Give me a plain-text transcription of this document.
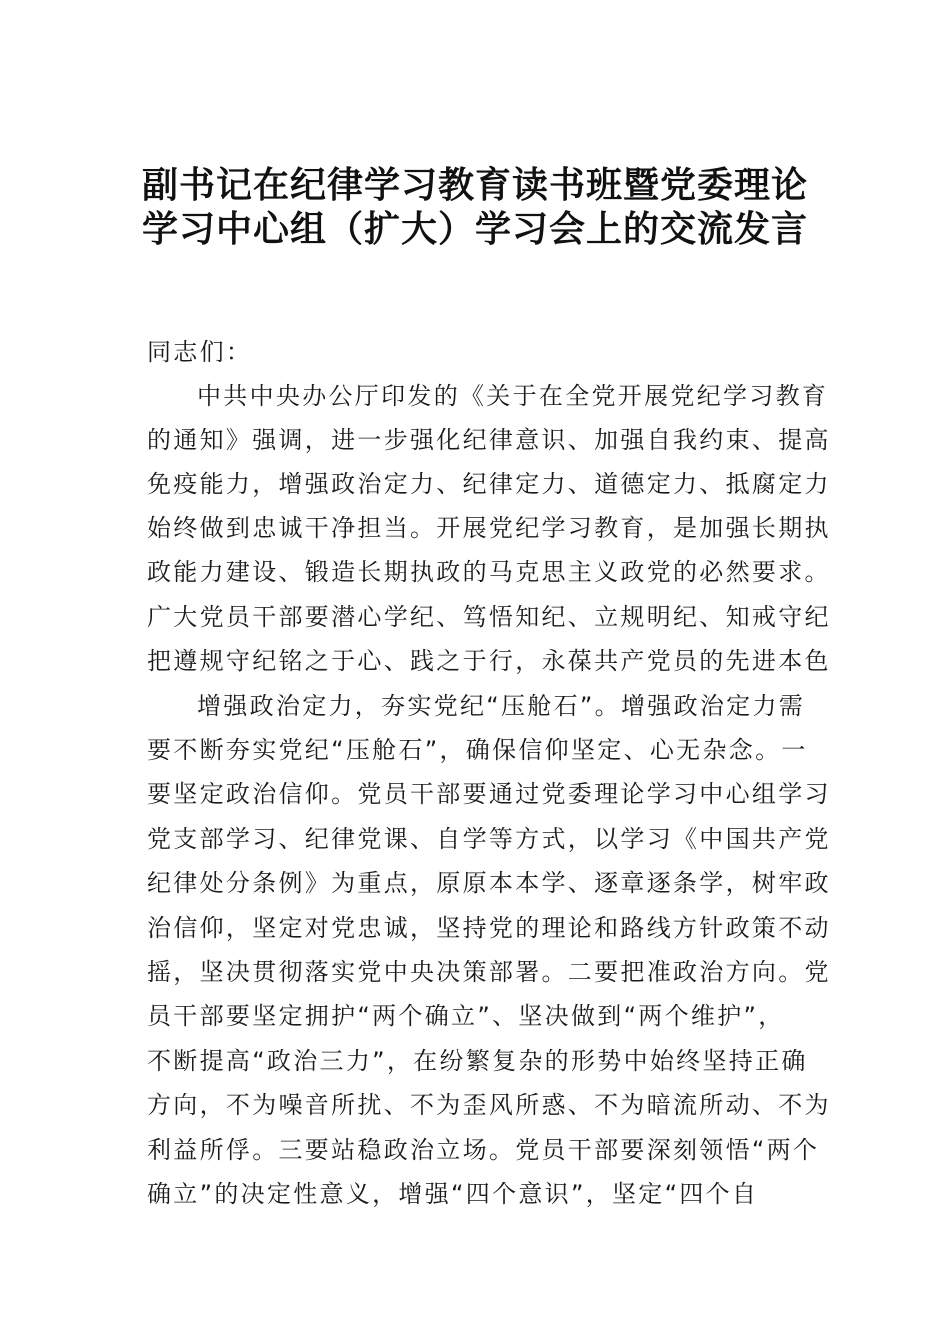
副书记在纪律学习教育读书班暨党委理论
学习中心组（扩大）学习会上的交流发言
同志们：
中共中央办公厅印发的《关于在全党开展党纪学习教育
的通知》强调，进一步强化纪律意识、加强自我约束、提高
免疫能力，增强政治定力、纪律定力、道德定力、抵腐定力
始终做到忠诚干净担当。开展党纪学习教育，是加强长期执
政能力建设、锻造长期执政的马克思主义政党的必然要求。
广大党员干部要潜心学纪、笃悟知纪、立规明纪、知戒守纪
把遵规守纪铭之于心、践之于行，永葆共产党员的先进本色
增强政治定力，夯实党纪“压舱石”。增强政治定力需
要不断夯实党纪“压舱石”，确保信仰坚定、心无杂念。一
要坚定政治信仰。党员干部要通过党委理论学习中心组学习
党支部学习、纪律党课、自学等方式，以学习《中国共产党
纪律处分条例》为重点，原原本本学、逐章逐条学，树牢政
治信仰，坚定对党忠诚，坚持党的理论和路线方针政策不动
摇，坚决贯彻落实党中央决策部署。二要把准政治方向。党
员干部要坚定拥护“两个确立”、坚决做到“两个维护”，
不断提高“政治三力”，在纷繁复杂的形势中始终坚持正确
方向，不为噪音所扰、不为歪风所惑、不为暗流所动、不为
利益所俘。三要站稳政治立场。党员干部要深刻领悟“两个
确立”的决定性意义，增强“四个意识”，坚定“四个自
